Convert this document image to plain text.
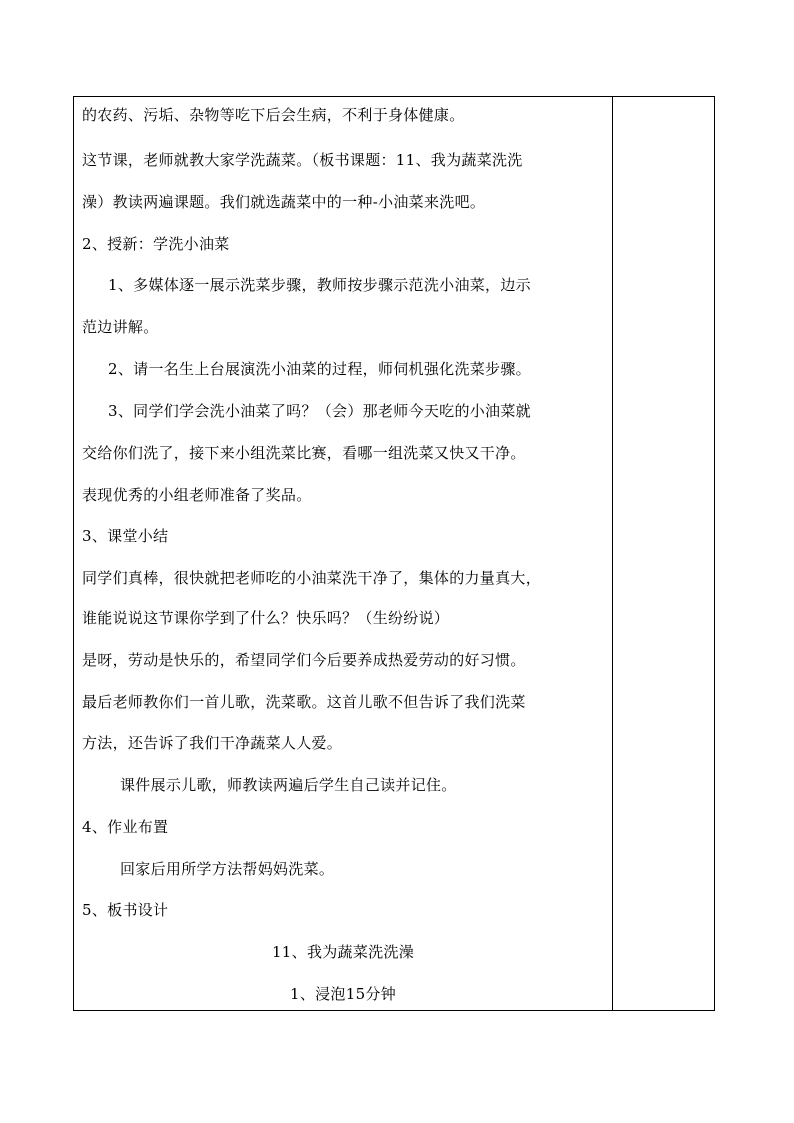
的农药、污垢、杂物等吃下后会生病，不利于身体健康。
这节课，老师就教大家学洗蔬菜。（板书课题：11、我为蔬菜洗洗
澡）教读两遍课题。我们就选蔬菜中的一种-小油菜来洗吧。
2、授新：学洗小油菜
1、多媒体逐一展示洗菜步骤，教师按步骤示范洗小油菜，边示
范边讲解。
2、请一名生上台展演洗小油菜的过程，师伺机强化洗菜步骤。
3、同学们学会洗小油菜了吗？（会）那老师今天吃的小油菜就
交给你们洗了，接下来小组洗菜比赛，看哪一组洗菜又快又干净。
表现优秀的小组老师准备了奖品。
3、课堂小结
同学们真棒，很快就把老师吃的小油菜洗干净了，集体的力量真大，
谁能说说这节课你学到了什么？快乐吗？（生纷纷说）
是呀，劳动是快乐的，希望同学们今后要养成热爱劳动的好习惯。
最后老师教你们一首儿歌，洗菜歌。这首儿歌不但告诉了我们洗菜
方法，还告诉了我们干净蔬菜人人爱。
课件展示儿歌，师教读两遍后学生自己读并记住。
4、作业布置
回家后用所学方法帮妈妈洗菜。
5、板书设计
11、我为蔬菜洗洗澡
1、浸泡15分钟
